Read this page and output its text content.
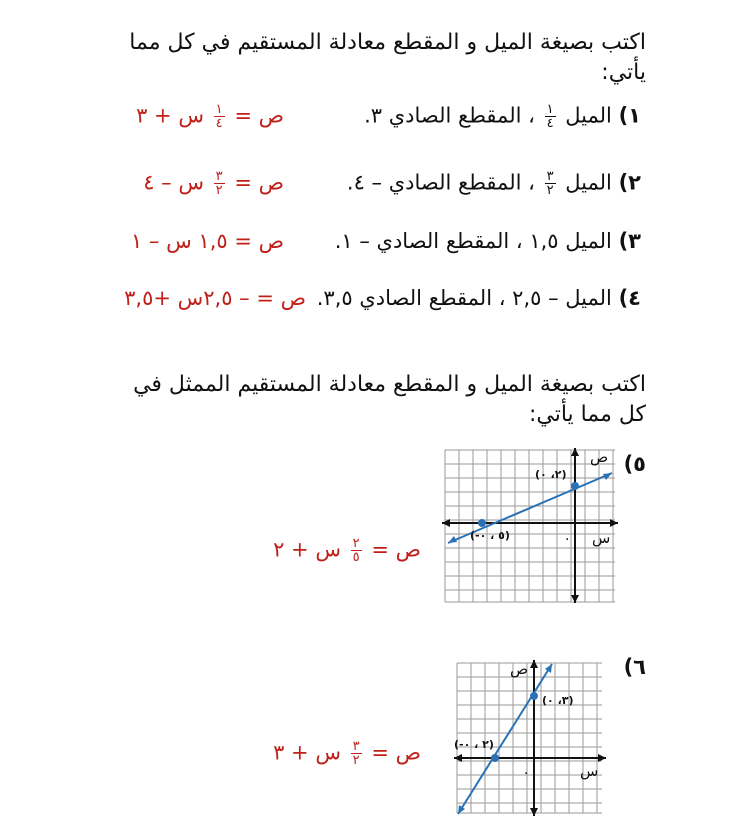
اكتب بصيغة الميل و المقطع معادلة المستقيم في كل مما يأتي:
١) الميل
$\frac{١}{٤}$
، المقطع الصادي ٣.
ص =
$\frac{١}{٤}$
س + ٣
٢) الميل
$\frac{٣}{٢}$
، المقطع الصادي – ٤.
ص =
$\frac{٣}{٢}$
س – ٤
٣) الميل ١,٥ ، المقطع الصادي – ١.
ص = ١,٥ س – ١
٤) الميل – ٢,٥ ، المقطع الصادي ٣,٥.
ص = – ٢,٥س +٣,٥
اكتب بصيغة الميل و المقطع معادلة المستقيم الممثل في كل مما يأتي:
٥)
ص
س
.
(٢، ٠)
(-٥ ، ٠)
ص =
$\frac{٢}{٥}$
س + ٢
٦)
ص
س
.
(٣، ٠)
(-٢ ، ٠)
ص =
$\frac{٣}{٢}$
س + ٣
